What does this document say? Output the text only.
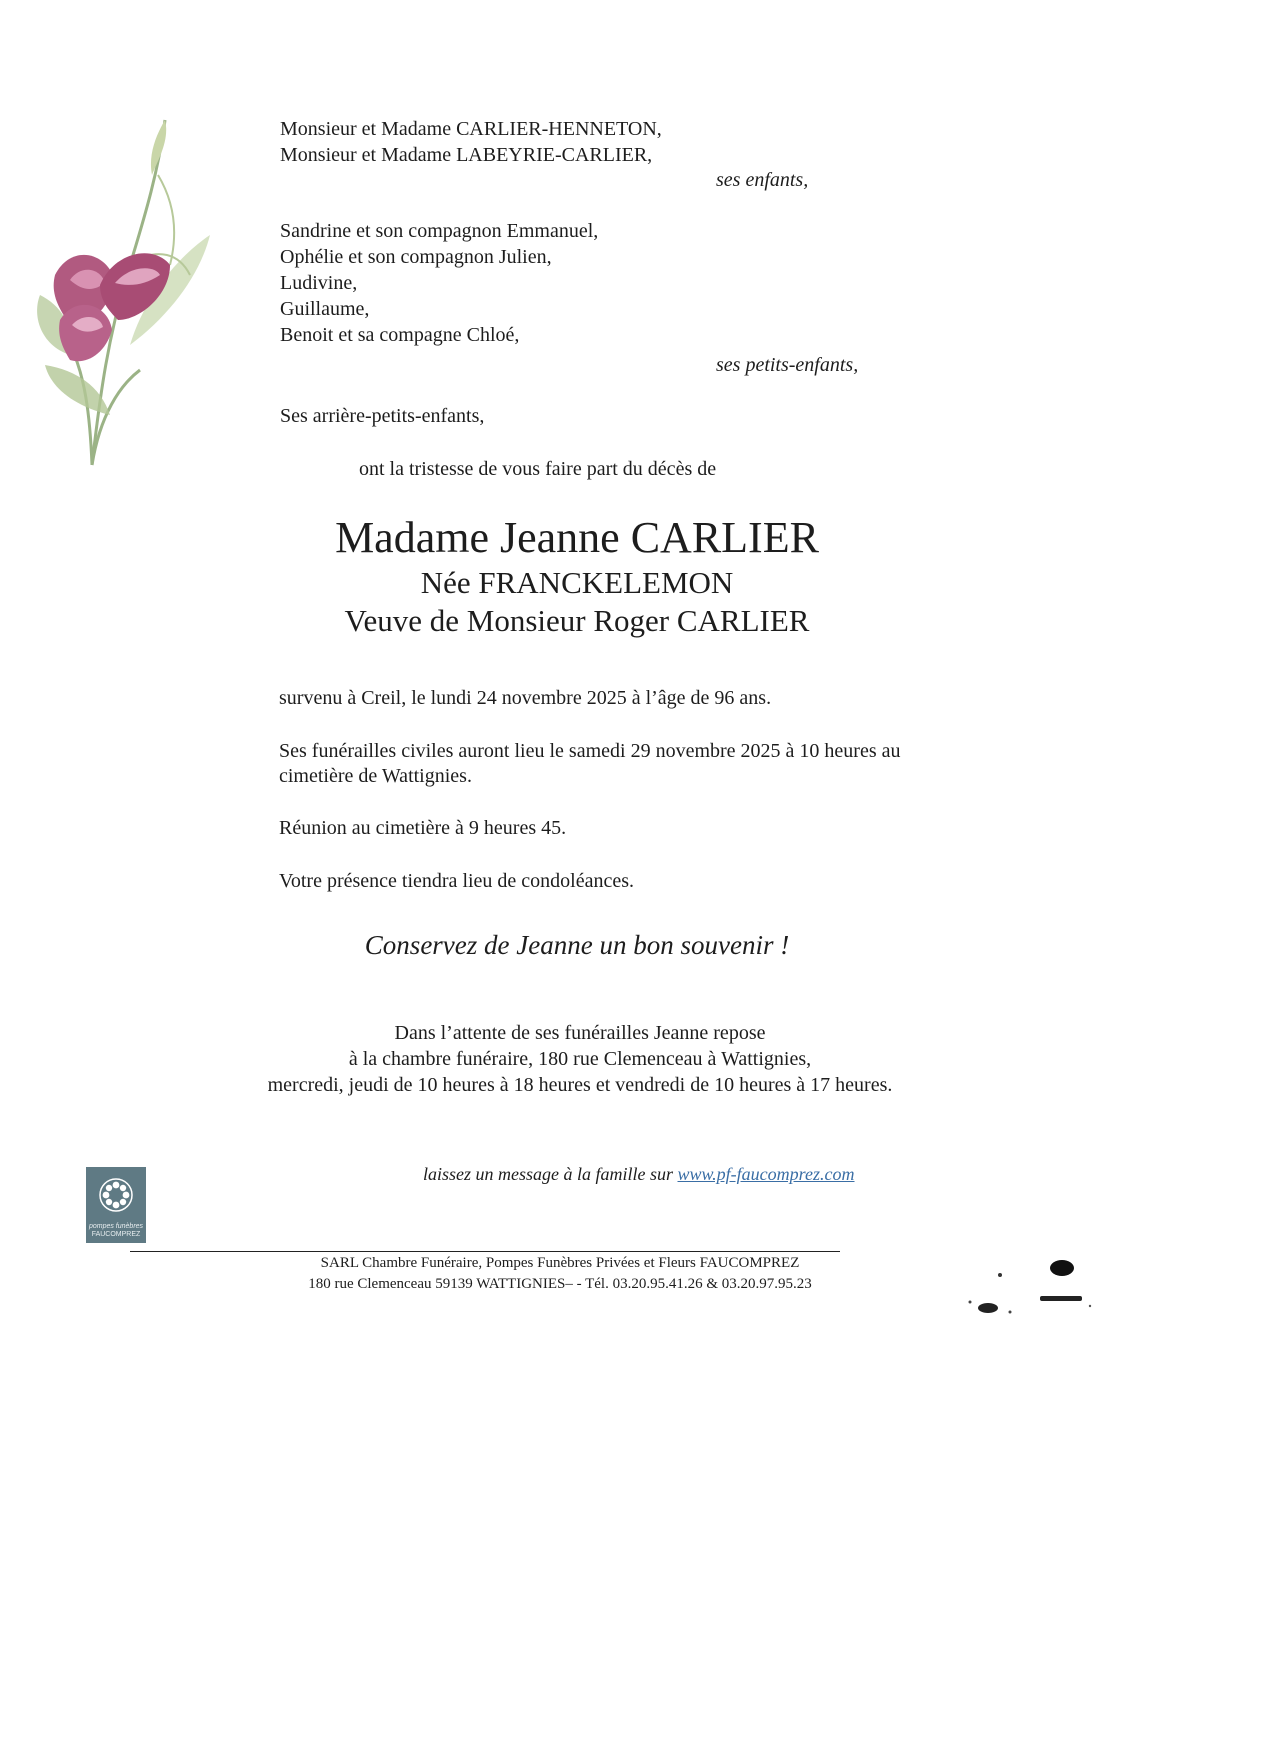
Monsieur et Madame CARLIER-HENNETON,
Monsieur et Madame LABEYRIE-CARLIER,
ses enfants,
Sandrine et son compagnon Emmanuel,
Ophélie et son compagnon Julien,
Ludivine,
Guillaume,
Benoit et sa compagne Chloé,
ses petits-enfants,
Ses arrière-petits-enfants,
ont la tristesse de vous faire part du décès de
Madame Jeanne CARLIER
Née FRANCKELEMON
Veuve de Monsieur Roger CARLIER
survenu à Creil, le lundi 24 novembre 2025 à l’âge de 96 ans.
Ses funérailles civiles auront lieu le samedi 29 novembre 2025 à 10 heures au
cimetière de Wattignies.
Réunion au cimetière à 9 heures 45.
Votre présence tiendra lieu de condoléances.
Conservez de Jeanne un bon souvenir !
Dans l’attente de ses funérailles Jeanne repose
à la chambre funéraire, 180 rue Clemenceau à Wattignies,
mercredi, jeudi de 10 heures à 18 heures et vendredi de 10 heures à 17 heures.
pompes funèbres
FAUCOMPREZ
laissez un message à la famille sur www.pf-faucomprez.com
SARL Chambre Funéraire, Pompes Funèbres Privées et Fleurs FAUCOMPREZ
180 rue Clemenceau 59139 WATTIGNIES– - Tél. 03.20.95.41.26 & 03.20.97.95.23
